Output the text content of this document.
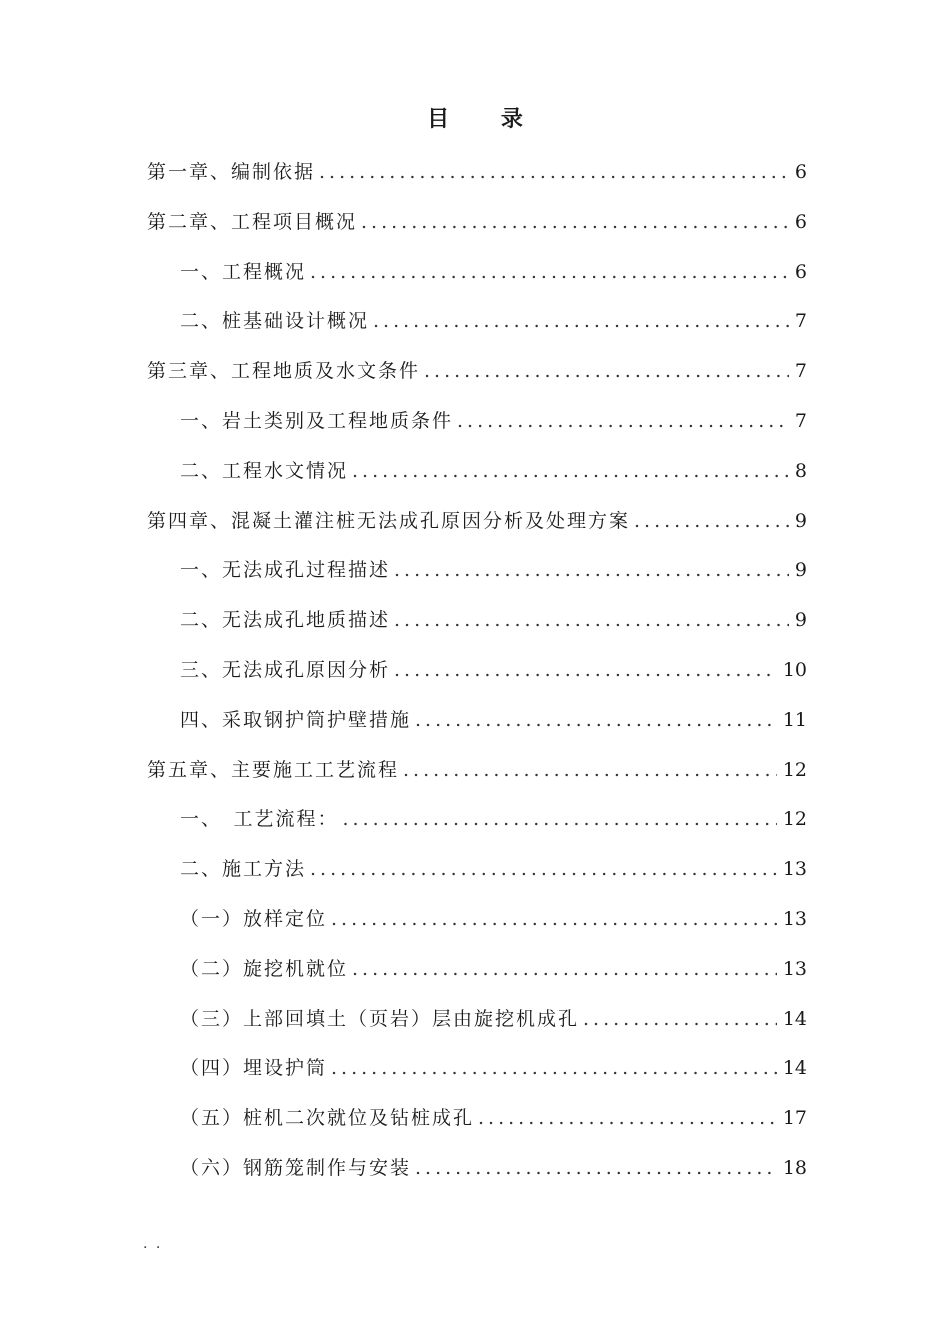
目 录
第一章、编制依据 .....	6
第二章、工程项目概况 .....	6
一、工程概况 .....	6
二、桩基础设计概况 .....	7
第三章、工程地质及水文条件 .....	7
一、岩土类别及工程地质条件 .....	7
二、工程水文情况 .....	8
第四章、混凝土灌注桩无法成孔原因分析及处理方案 .....	9
一、无法成孔过程描述 .....	9
二、无法成孔地质描述 .....	9
三、无法成孔原因分析 .....	10
四、采取钢护筒护壁措施 .....	11
第五章、主要施工工艺流程 .....	12
一、　工艺流程： .....	12
二、施工方法 .....	13
（一）放样定位 .....	13
（二）旋挖机就位 .....	13
（三）上部回填土（页岩）层由旋挖机成孔 .....	14
（四）埋设护筒 .....	14
（五）桩机二次就位及钻桩成孔 .....	17
（六）钢筋笼制作与安装 .....	18
. .
